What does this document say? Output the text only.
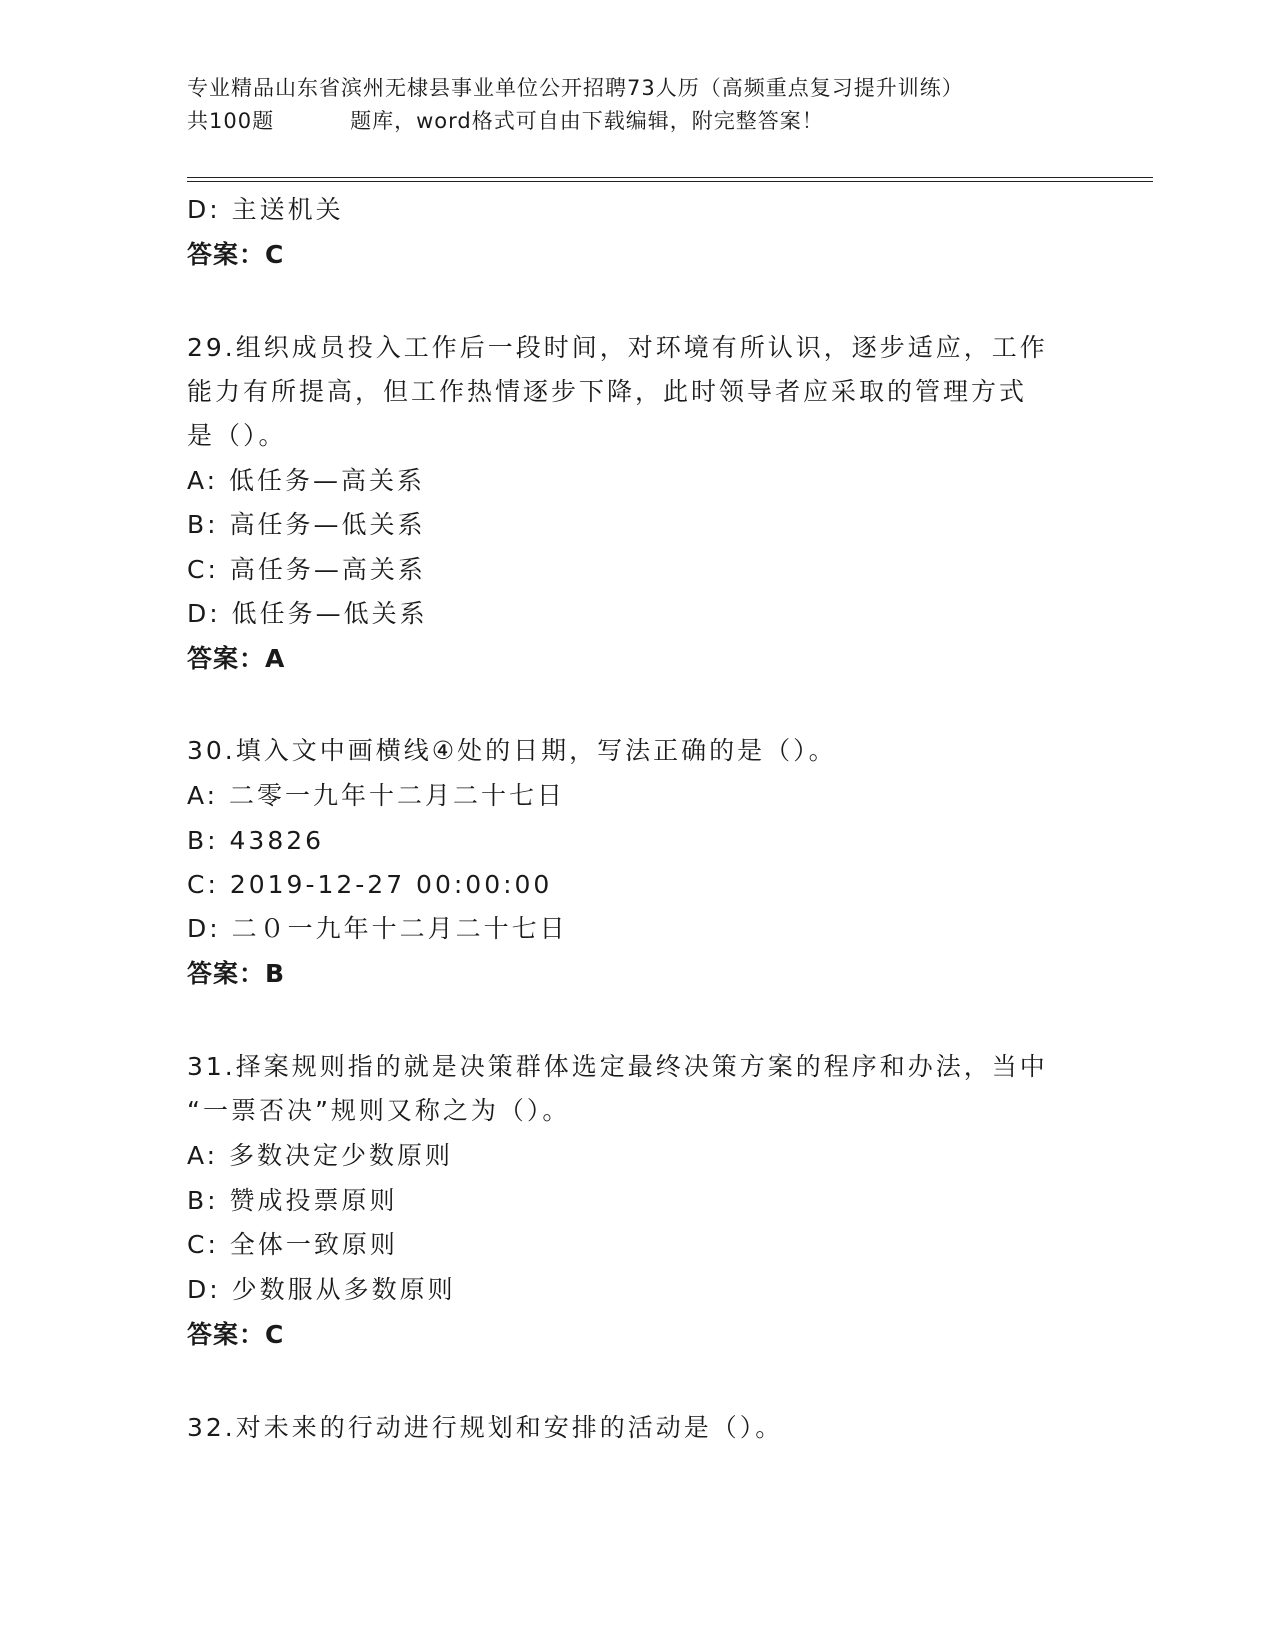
专业精品山东省滨州无棣县事业单位公开招聘73人历（高频重点复习提升训练）
共100题	题库，word格式可自由下载编辑，附完整答案！
D: 主送机关
答案：C
29.组织成员投入工作后一段时间，对环境有所认识，逐步适应，工作
能力有所提高，但工作热情逐步下降，此时领导者应采取的管理方式
是（）。
A: 低任务—高关系
B: 高任务—低关系
C: 高任务—高关系
D: 低任务—低关系
答案：A
30.填入文中画横线④处的日期，写法正确的是（）。
A: 二零一九年十二月二十七日
B: 43826
C: 2019-12-27 00:00:00
D: 二０一九年十二月二十七日
答案：B
31.择案规则指的就是决策群体选定最终决策方案的程序和办法，当中
“一票否决”规则又称之为（）。
A: 多数决定少数原则
B: 赞成投票原则
C: 全体一致原则
D: 少数服从多数原则
答案：C
32.对未来的行动进行规划和安排的活动是（）。
